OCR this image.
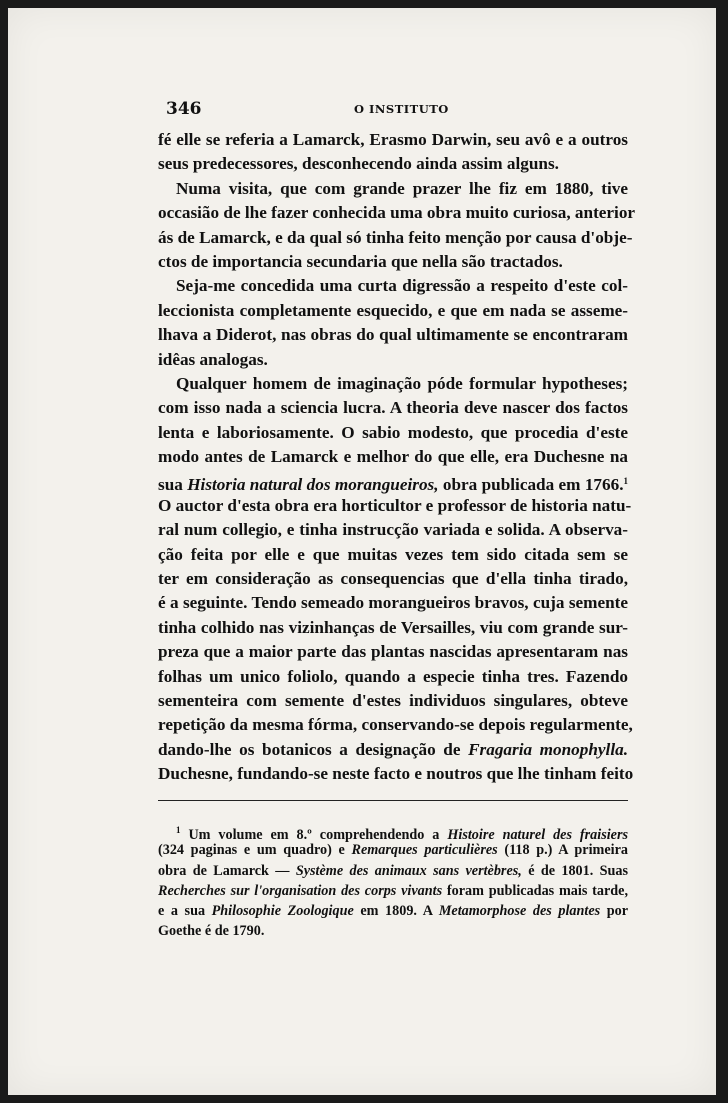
346	O INSTITUTO
fé elle se referia a Lamarck, Erasmo Darwin, seu avô e a outros
seus predecessores, desconhecendo ainda assim alguns.
Numa visita, que com grande prazer lhe fiz em 1880, tive
occasião de lhe fazer conhecida uma obra muito curiosa, anterior
ás de Lamarck, e da qual só tinha feito menção por causa d'obje-
ctos de importancia secundaria que nella são tractados.
Seja-me concedida uma curta digressão a respeito d'este col-
leccionista completamente esquecido, e que em nada se asseme-
lhava a Diderot, nas obras do qual ultimamente se encontraram
idêas analogas.
Qualquer homem de imaginação póde formular hypotheses;
com isso nada a sciencia lucra. A theoria deve nascer dos factos
lenta e laboriosamente. O sabio modesto, que procedia d'este
modo antes de Lamarck e melhor do que elle, era Duchesne na
sua Historia natural dos morangueiros, obra publicada em 1766.$^1$
O auctor d'esta obra era horticultor e professor de historia natu-
ral num collegio, e tinha instrucção variada e solida. A observa-
ção feita por elle e que muitas vezes tem sido citada sem se
ter em consideração as consequencias que d'ella tinha tirado,
é a seguinte. Tendo semeado morangueiros bravos, cuja semente
tinha colhido nas vizinhanças de Versailles, viu com grande sur-
preza que a maior parte das plantas nascidas apresentaram nas
folhas um unico foliolo, quando a especie tinha tres. Fazendo
sementeira com semente d'estes individuos singulares, obteve
repetição da mesma fórma, conservando-se depois regularmente,
dando-lhe os botanicos a designação de Fragaria monophylla.
Duchesne, fundando-se neste facto e noutros que lhe tinham feito
$^1$ Um volume em 8.º comprehendendo a Histoire naturel des fraisiers
(324 paginas e um quadro) e Remarques particulières (118 p.) A primeira
obra de Lamarck — Système des animaux sans vertèbres, é de 1801. Suas
Recherches sur l'organisation des corps vivants foram publicadas mais tarde,
e a sua Philosophie Zoologique em 1809. A Metamorphose des plantes por
Goethe é de 1790.
